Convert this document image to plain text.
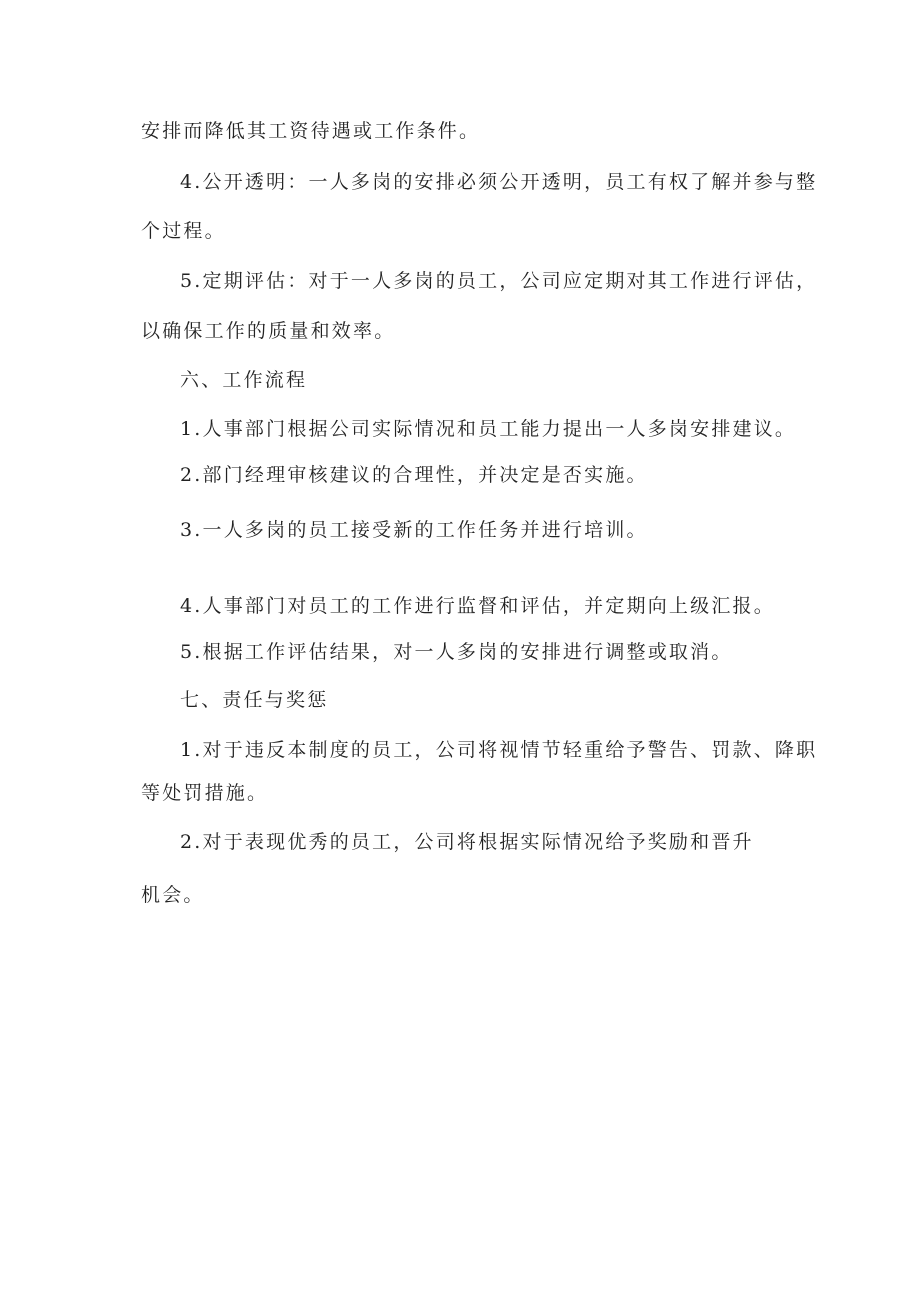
安排而降低其工资待遇或工作条件。
4.公开透明：一人多岗的安排必须公开透明，员工有权了解并参与整
个过程。
5.定期评估：对于一人多岗的员工，公司应定期对其工作进行评估，
以确保工作的质量和效率。
六、工作流程
1.人事部门根据公司实际情况和员工能力提出一人多岗安排建议。
2.部门经理审核建议的合理性，并决定是否实施。
3.一人多岗的员工接受新的工作任务并进行培训。
4.人事部门对员工的工作进行监督和评估，并定期向上级汇报。
5.根据工作评估结果，对一人多岗的安排进行调整或取消。
七、责任与奖惩
1.对于违反本制度的员工，公司将视情节轻重给予警告、罚款、降职
等处罚措施。
2.对于表现优秀的员工，公司将根据实际情况给予奖励和晋升
机会。
